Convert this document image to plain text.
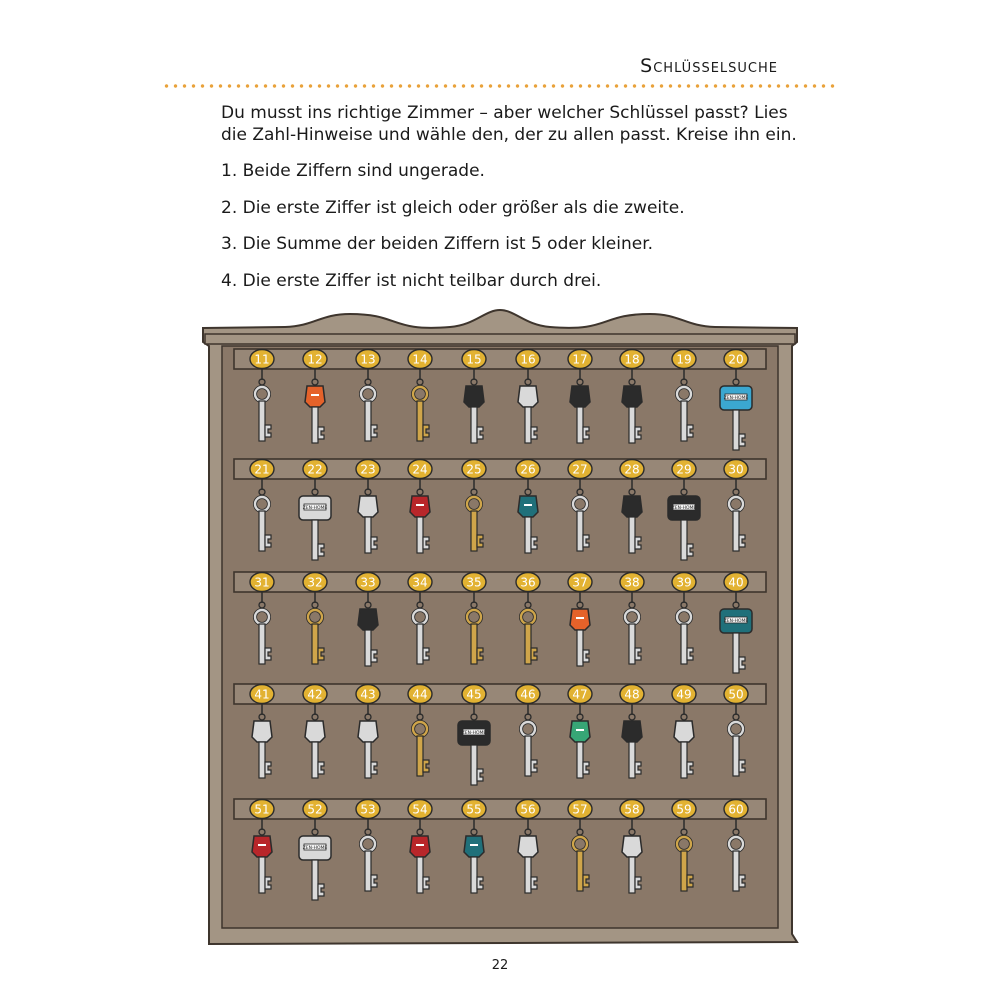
Schlüsselsuche
Du musst ins richtige Zimmer – aber welcher Schlüssel passt? Lies
die Zahl-Hinweise und wähle den, der zu allen passt. Kreise ihn ein.
1. Beide Ziffern sind ungerade.
2. Die erste Ziffer ist gleich oder größer als die zweite.
3. Die Summe der beiden Ziffern ist 5 oder kleiner.
4. Die erste Ziffer ist nicht teilbar durch drei.
11	12	13	14	15	16	17	18	19	20
ZEN-HOME
21	22
ZEN-HOME
23	24	25	26	27	28	29
ZEN-HOME
30
31	32	33	34	35	36	37	38	39	40
ZEN-HOME
41	42	43	44	45
ZEN-HOME
46	47	48	49	50
51	52
ZEN-HOME
53	54	55	56	57	58	59	60
22
